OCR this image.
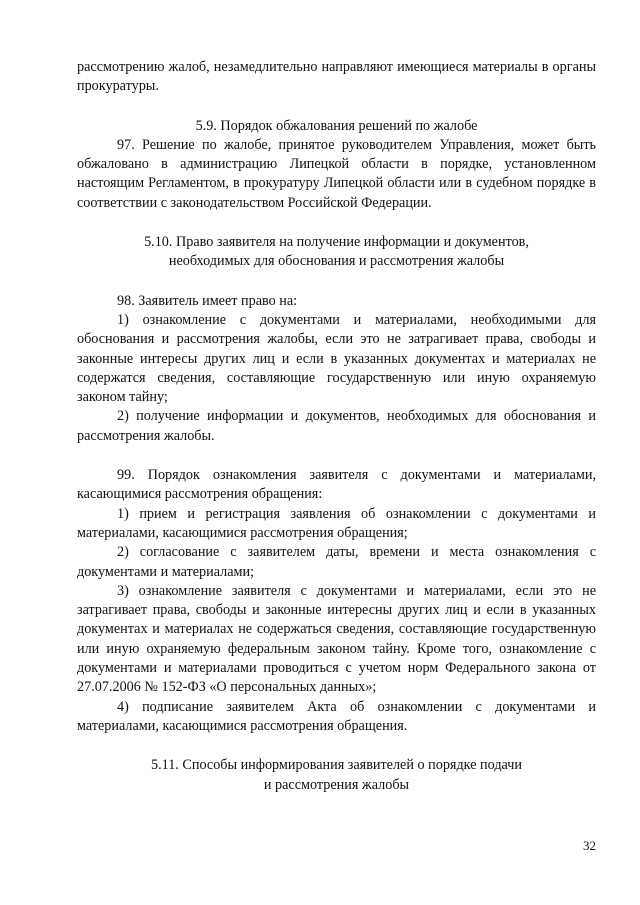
рассмотрению жалоб, незамедлительно направляют имеющиеся материалы в органы прокуратуры.

5.9. Порядок обжалования решений по жалобе

97. Решение по жалобе, принятое руководителем Управления, может быть обжаловано в администрацию Липецкой области в порядке, установленном настоящим Регламентом, в прокуратуру Липецкой области или в судебном порядке в соответствии с законодательством Российской Федерации.

5.10. Право заявителя на получение информации и документов,

необходимых для обоснования и рассмотрения жалобы

98. Заявитель имеет право на:

1) ознакомление с документами и материалами, необходимыми для обоснования и рассмотрения жалобы, если это не затрагивает права, свободы и законные интересы других лиц и если в указанных документах и материалах не содержатся сведения, составляющие государственную или иную охраняемую законом тайну;

2) получение информации и документов, необходимых для обоснования и рассмотрения жалобы.

99. Порядок ознакомления заявителя с документами и материалами, касающимися рассмотрения обращения:

1) прием и регистрация заявления об ознакомлении с документами и материалами, касающимися рассмотрения обращения;

2) согласование с заявителем даты, времени и места ознакомления с документами и материалами;

3) ознакомление заявителя с документами и материалами, если это не затрагивает права, свободы и законные интересны других лиц и если в указанных документах и материалах не содержаться сведения, составляющие государственную или иную охраняемую федеральным законом тайну. Кроме того, ознакомление с документами и материалами проводиться с учетом норм Федерального закона от 27.07.2006 № 152-ФЗ «О персональных данных»;

4) подписание заявителем Акта об ознакомлении с документами и материалами, касающимися рассмотрения обращения.

5.11. Способы информирования заявителей о порядке подачи

и рассмотрения жалобы

32
